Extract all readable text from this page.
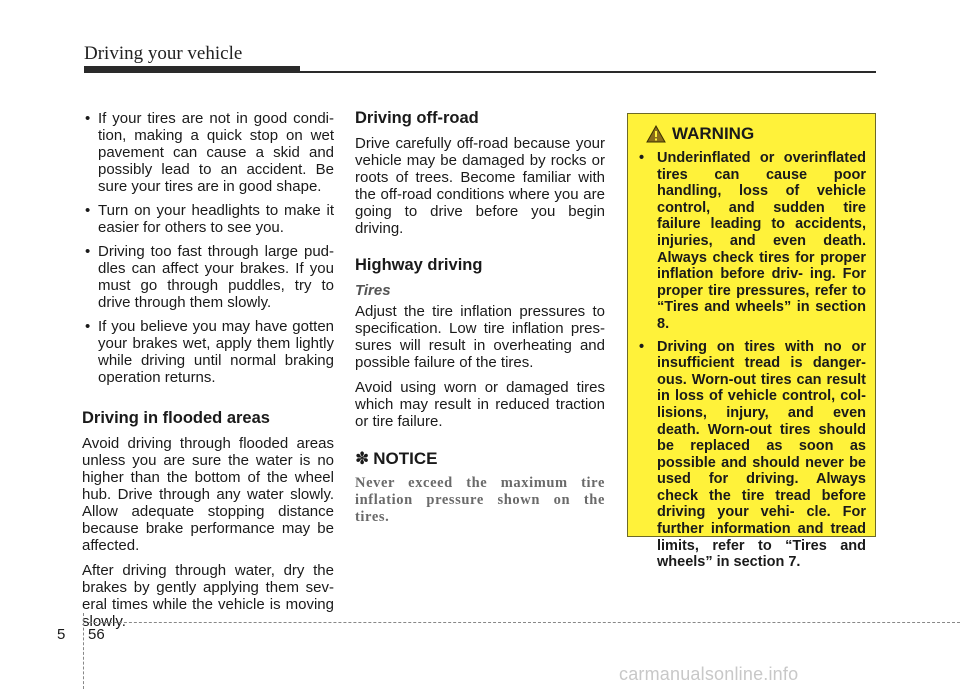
Driving your vehicle
• If your tires are not in good condi- tion, making a quick stop on wet pavement can cause a skid and possibly lead to an accident. Be sure your tires are in good shape.
• Turn on your headlights to make it easier for others to see you.
• Driving too fast through large pud- dles can affect your brakes. If you must go through puddles, try to drive through them slowly.
• If you believe you may have gotten your brakes wet, apply them lightly while driving until normal braking operation returns.
Driving in flooded areas

Avoid driving through flooded areas unless you are sure the water is no higher than the bottom of the wheel hub. Drive through any water slowly. Allow adequate stopping distance because brake performance may be affected.

After driving through water, dry the brakes by gently applying them sev- eral times while the vehicle is moving slowly.

Driving off-road

Drive carefully off-road because your vehicle may be damaged by rocks or roots of trees. Become familiar with the off-road conditions where you are going to drive before you begin driving.

Highway driving
Tires

Adjust the tire inflation pressures to specification. Low tire inflation pres- sures will result in overheating and possible failure of the tires.

Avoid using worn or damaged tires which may result in reduced traction or tire failure.

✽ NOTICE
Never exceed the maximum tire inflation pressure shown on the tires.
WARNING
• Underinflated or overinflated tires can cause poor handling, loss of vehicle control, and sudden tire failure leading to accidents, injuries, and even death. Always check tires for proper inflation before driv- ing. For proper tire pressures, refer to “Tires and wheels” in section 8.
• Driving on tires with no or insufficient tread is danger- ous. Worn-out tires can result in loss of vehicle control, col- lisions, injury, and even death. Worn-out tires should be replaced as soon as possible and should never be used for driving. Always check the tire tread before driving your vehi- cle. For further information and tread limits, refer to “Tires and wheels” in section 7.
5 56
carmanualsonline.info
